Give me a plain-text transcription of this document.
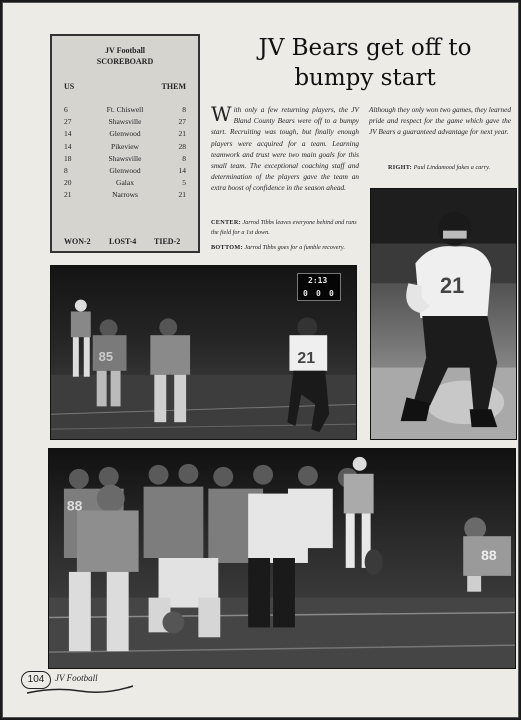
JV Football
SCOREBOARD
US	THEM
6	Ft. Chiswell	8
27	Shawsville	27
14	Glenwood	21
14	Pikeview	28
18	Shawsville	8
8	Glenwood	14
20	Galax	5
21	Narrows	21
WON-2 LOST-4 TIED-2
JV Bears get off to
bumpy start
With only a few returning players, the JV Bland County Bears were off to a bumpy start. Recruiting was tough, but finally enough players were acquired for a team. Learning teamwork and trust were two main goals for this small team. The exceptional coaching staff and determination of the players gave the team an extra boost of confidence in the season ahead.
Although they only won two games, they learned pride and respect for the game which gave the JV Bears a guaranteed advantage for next year.
RIGHT: Paul Lindamood fakes a carry.
CENTER: Jarrod Tibbs leaves everyone behind and runs the field for a 1st down.
BOTTOM: Jarrod Tibbs goes for a fumble recovery.
21
85	21
2:13
0 0 0
88
88
104	JV Football
